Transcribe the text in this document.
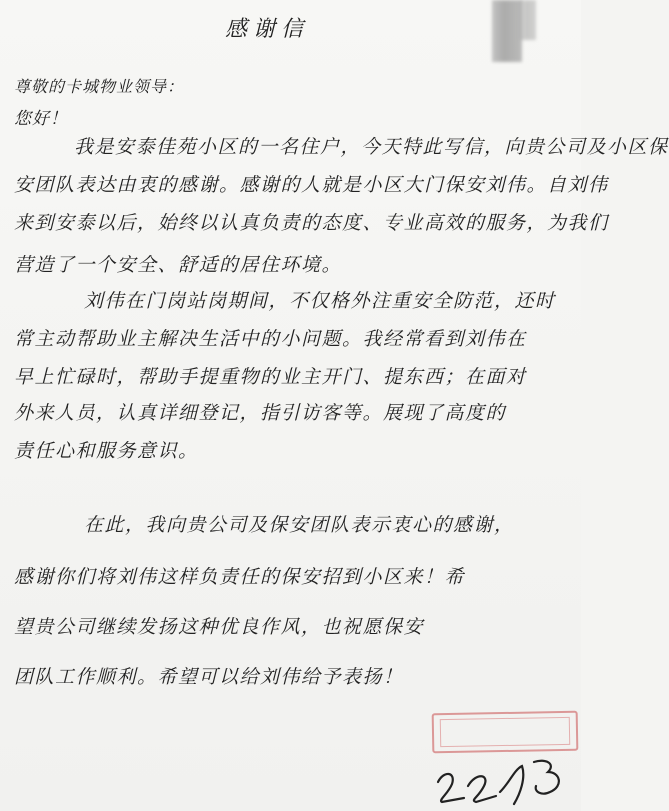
感谢信
尊敬的卡城物业领导：
您好！
我是安泰佳苑小区的一名住户，今天特此写信，向贵公司及小区保
安团队表达由衷的感谢。感谢的人就是小区大门保安刘伟。自刘伟
来到安泰以后，始终以认真负责的态度、专业高效的服务，为我们
营造了一个安全、舒适的居住环境。
刘伟在门岗站岗期间，不仅格外注重安全防范，还时
常主动帮助业主解决生活中的小问题。我经常看到刘伟在
早上忙碌时，帮助手提重物的业主开门、提东西；在面对
外来人员，认真详细登记，指引访客等。展现了高度的
责任心和服务意识。
在此，我向贵公司及保安团队表示衷心的感谢，
感谢你们将刘伟这样负责任的保安招到小区来！希
望贵公司继续发扬这种优良作风，也祝愿保安
团队工作顺利。希望可以给刘伟给予表扬！
